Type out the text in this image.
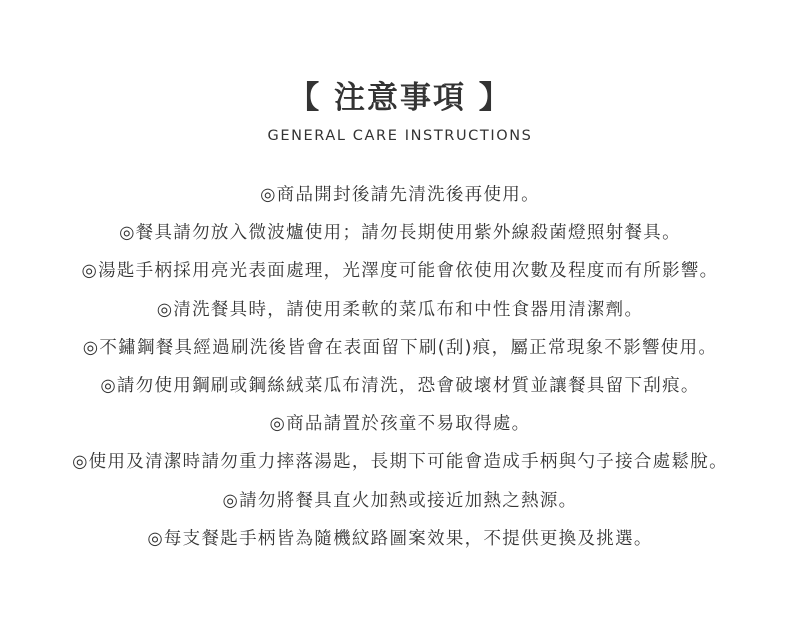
【 注意事項 】
GENERAL CARE INSTRUCTIONS
◎商品開封後請先清洗後再使用。
◎餐具請勿放入微波爐使用；請勿長期使用紫外線殺菌燈照射餐具。
◎湯匙手柄採用亮光表面處理，光澤度可能會依使用次數及程度而有所影響。
◎清洗餐具時，請使用柔軟的菜瓜布和中性食器用清潔劑。
◎不鏽鋼餐具經過刷洗後皆會在表面留下刷(刮)痕，屬正常現象不影響使用。
◎請勿使用鋼刷或鋼絲絨菜瓜布清洗，恐會破壞材質並讓餐具留下刮痕。
◎商品請置於孩童不易取得處。
◎使用及清潔時請勿重力摔落湯匙，長期下可能會造成手柄與勺子接合處鬆脫。
◎請勿將餐具直火加熱或接近加熱之熱源。
◎每支餐匙手柄皆為隨機紋路圖案效果，不提供更換及挑選。
